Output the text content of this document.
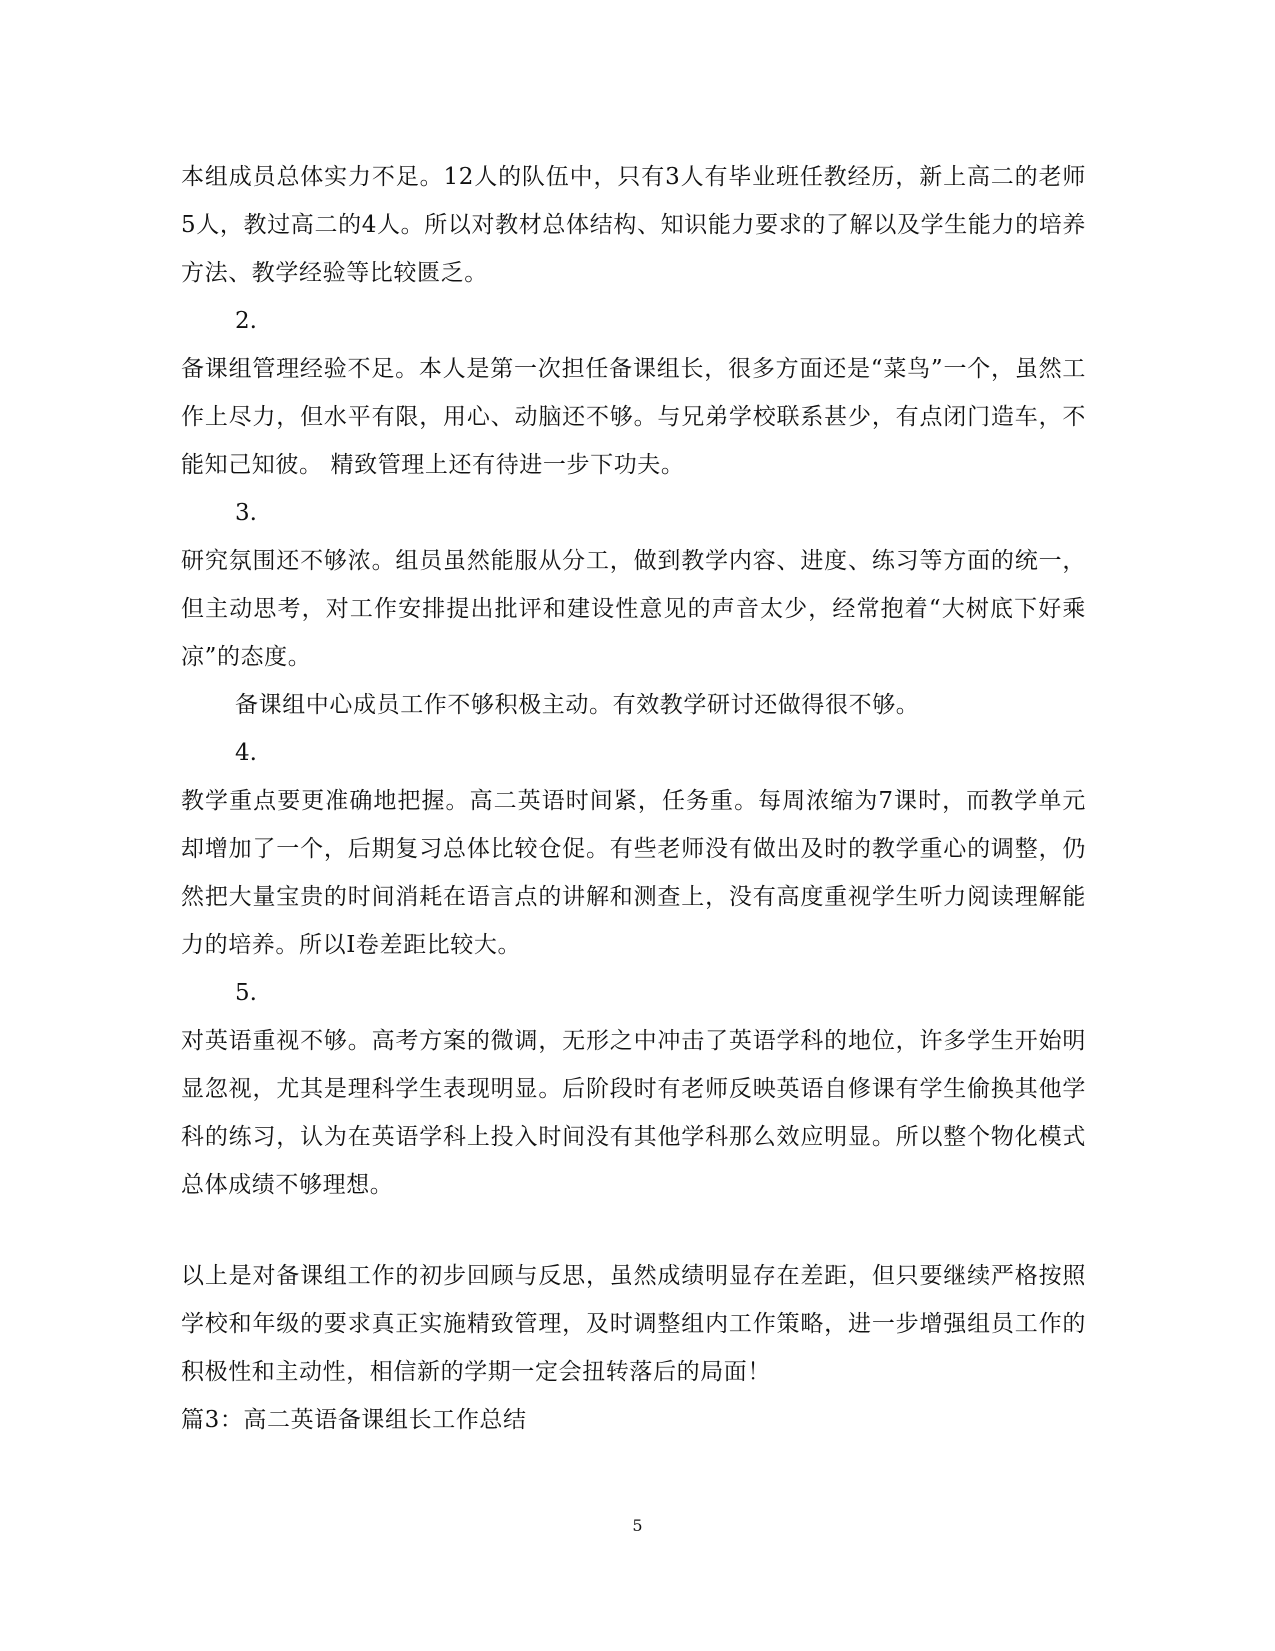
本组成员总体实力不足。12人的队伍中，只有3人有毕业班任教经历，新上高二的老师5人，教过高二的4人。所以对教材总体结构、知识能力要求的了解以及学生能力的培养方法、教学经验等比较匮乏。

2.

备课组管理经验不足。本人是第一次担任备课组长，很多方面还是“菜鸟”一个，虽然工作上尽力，但水平有限，用心、动脑还不够。与兄弟学校联系甚少，有点闭门造车，不能知己知彼。 精致管理上还有待进一步下功夫。

3.

研究氛围还不够浓。组员虽然能服从分工，做到教学内容、进度、练习等方面的统一，但主动思考，对工作安排提出批评和建设性意见的声音太少，经常抱着“大树底下好乘凉”的态度。

备课组中心成员工作不够积极主动。有效教学研讨还做得很不够。

4.

教学重点要更准确地把握。高二英语时间紧，任务重。每周浓缩为7课时，而教学单元却增加了一个，后期复习总体比较仓促。有些老师没有做出及时的教学重心的调整，仍然把大量宝贵的时间消耗在语言点的讲解和测查上，没有高度重视学生听力阅读理解能力的培养。所以I卷差距比较大。

5.

对英语重视不够。高考方案的微调，无形之中冲击了英语学科的地位，许多学生开始明显忽视，尤其是理科学生表现明显。后阶段时有老师反映英语自修课有学生偷换其他学科的练习，认为在英语学科上投入时间没有其他学科那么效应明显。所以整个物化模式总体成绩不够理想。

以上是对备课组工作的初步回顾与反思，虽然成绩明显存在差距，但只要继续严格按照学校和年级的要求真正实施精致管理，及时调整组内工作策略，进一步增强组员工作的积极性和主动性，相信新的学期一定会扭转落后的局面！

篇3：高二英语备课组长工作总结

5
